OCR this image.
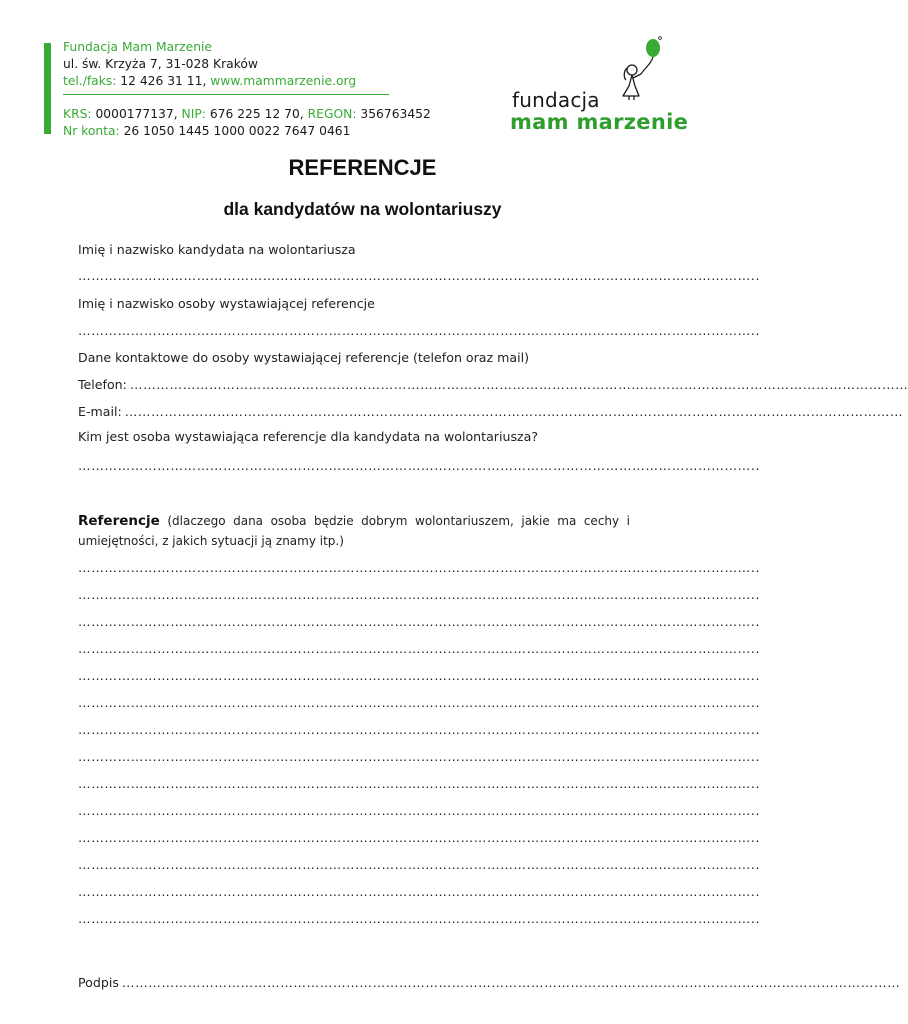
Fundacja Mam Marzenie
ul. św. Krzyża 7, 31-028 Kraków
tel./faks: 12 426 31 11, www.mammarzenie.org
KRS: 0000177137, NIP: 676 225 12 70, REGON: 356763452
Nr konta: 26 1050 1445 1000 0022 7647 0461
fundacja
mam marzenie
REFERENCJE
dla kandydatów na wolontariuszy
Imię i nazwisko kandydata na wolontariusza
………………………………………………………………………………………………………………………………………..
Imię i nazwisko osoby wystawiającej referencje
………………………………………………………………………………………………………………………………………..
Dane kontaktowe do osoby wystawiającej referencje (telefon oraz mail)
Telefon: ……………………………………………………………………………………………………………………………………………………………
E-mail: ……………………………………………………………………………………………………………………………………………………………
Kim jest osoba wystawiająca referencje dla kandydata na wolontariusza?
………………………………………………………………………………………………………………………………………..
Referencje (dlaczego dana osoba będzie dobrym wolontariuszem, jakie ma cechy i umiejętności, z jakich sytuacji ją znamy itp.)
………………………………………………………………………………………………………………………………………..
………………………………………………………………………………………………………………………………………..
………………………………………………………………………………………………………………………………………..
………………………………………………………………………………………………………………………………………..
………………………………………………………………………………………………………………………………………..
………………………………………………………………………………………………………………………………………..
………………………………………………………………………………………………………………………………………..
………………………………………………………………………………………………………………………………………..
………………………………………………………………………………………………………………………………………..
………………………………………………………………………………………………………………………………………..
………………………………………………………………………………………………………………………………………..
………………………………………………………………………………………………………………………………………..
………………………………………………………………………………………………………………………………………..
………………………………………………………………………………………………………………………………………..
Podpis ……………………………………………………………………………………………………………………………………………………………
